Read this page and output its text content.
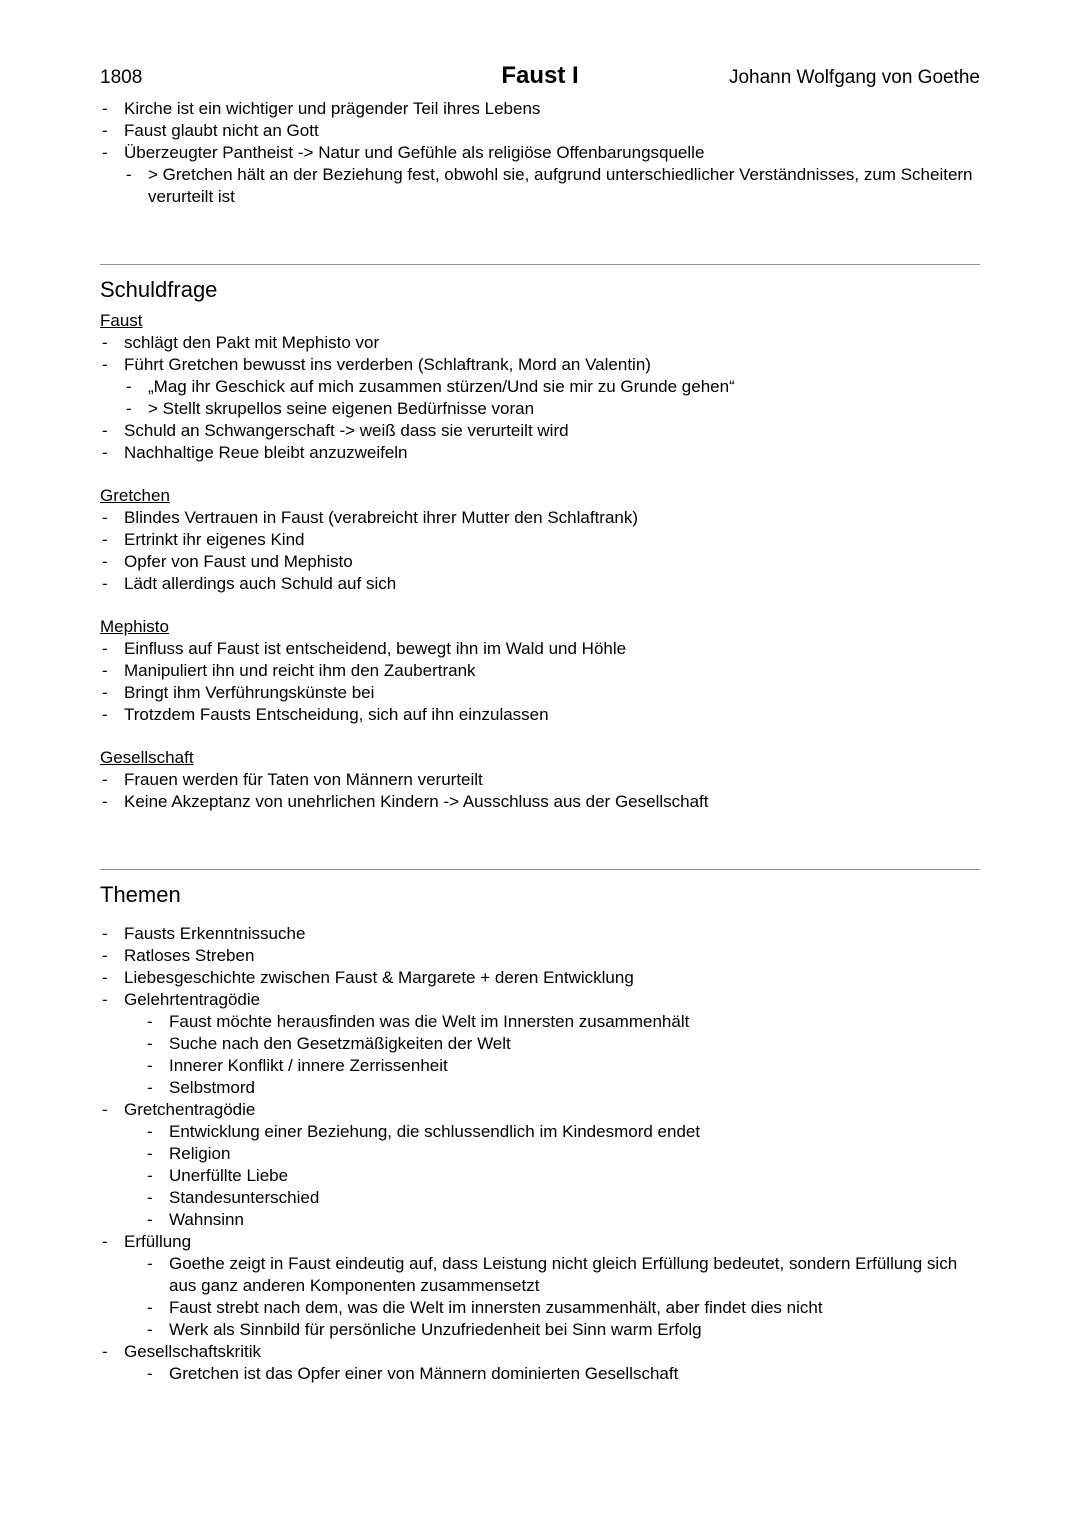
1808	Faust I	Johann Wolfgang von Goethe
- Kirche ist ein wichtiger und prägender Teil ihres Lebens
- Faust glaubt nicht an Gott
- Überzeugter Pantheist -> Natur und Gefühle als religiöse Offenbarungsquelle
- > Gretchen hält an der Beziehung fest, obwohl sie, aufgrund unterschiedlicher Verständnisses, zum Scheitern verurteilt ist
Schuldfrage
Faust
- schlägt den Pakt mit Mephisto vor
- Führt Gretchen bewusst ins verderben (Schlaftrank, Mord an Valentin)
- „Mag ihr Geschick auf mich zusammen stürzen/Und sie mir zu Grunde gehen“
- > Stellt skrupellos seine eigenen Bedürfnisse voran
- Schuld an Schwangerschaft -> weiß dass sie verurteilt wird
- Nachhaltige Reue bleibt anzuzweifeln
Gretchen
- Blindes Vertrauen in Faust (verabreicht ihrer Mutter den Schlaftrank)
- Ertrinkt ihr eigenes Kind
- Opfer von Faust und Mephisto
- Lädt allerdings auch Schuld auf sich
Mephisto
- Einfluss auf Faust ist entscheidend, bewegt ihn im Wald und Höhle
- Manipuliert ihn und reicht ihm den Zaubertrank
- Bringt ihm Verführungskünste bei
- Trotzdem Fausts Entscheidung, sich auf ihn einzulassen
Gesellschaft
- Frauen werden für Taten von Männern verurteilt
- Keine Akzeptanz von unehrlichen Kindern -> Ausschluss aus der Gesellschaft
Themen
- Fausts Erkenntnissuche
- Ratloses Streben
- Liebesgeschichte zwischen Faust & Margarete + deren Entwicklung
- Gelehrtentragödie
- Faust möchte herausfinden was die Welt im Innersten zusammenhält
- Suche nach den Gesetzmäßigkeiten der Welt
- Innerer Konflikt / innere Zerrissenheit
- Selbstmord
- Gretchentragödie
- Entwicklung einer Beziehung, die schlussendlich im Kindesmord endet
- Religion
- Unerfüllte Liebe
- Standesunterschied
- Wahnsinn
- Erfüllung
- Goethe zeigt in Faust eindeutig auf, dass Leistung nicht gleich Erfüllung bedeutet, sondern Erfüllung sich aus ganz anderen Komponenten zusammensetzt
- Faust strebt nach dem, was die Welt im innersten zusammenhält, aber findet dies nicht
- Werk als Sinnbild für persönliche Unzufriedenheit bei Sinn warm Erfolg
- Gesellschaftskritik
- Gretchen ist das Opfer einer von Männern dominierten Gesellschaft
